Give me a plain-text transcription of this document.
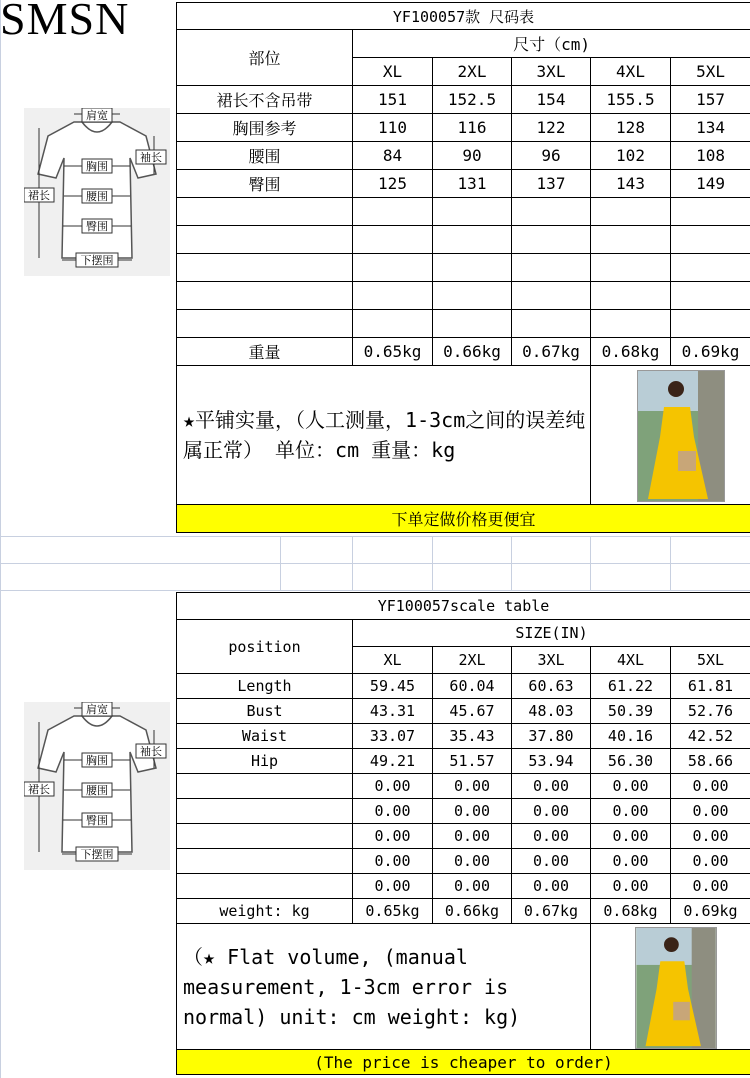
SMSN
肩宽
袖长
裙长
胸围
腰围
臀围
下摆围
肩宽
袖长
裙长
胸围
腰围
臀围
下摆围
YF100057款 尺码表					
部位	尺寸（cm)				
	XL	2XL	3XL	4XL	5XL
裙长不含吊带	151	152.5	154	155.5	157
胸围参考	110	116	122	128	134
腰围	84	90	96	102	108
臀围	125	131	137	143	149

重量	0.65kg	0.66kg	0.67kg	0.68kg	0.69kg
★平铺实量，（人工测量，1-3cm之间的误差纯属正常） 单位：cm 重量：kg	

下单定做价格更便宜					
YF100057scale table					
position	SIZE(IN)				
	XL	2XL	3XL	4XL	5XL
Length	59.45	60.04	60.63	61.22	61.81
Bust	43.31	45.67	48.03	50.39	52.76
Waist	33.07	35.43	37.80	40.16	42.52
Hip	49.21	51.57	53.94	56.30	58.66
	0.00	0.00	0.00	0.00	0.00
	0.00	0.00	0.00	0.00	0.00
	0.00	0.00	0.00	0.00	0.00
	0.00	0.00	0.00	0.00	0.00
	0.00	0.00	0.00	0.00	0.00
weight: kg	0.65kg	0.66kg	0.67kg	0.68kg	0.69kg
（★ Flat volume, (manual measurement, 1-3cm error is normal) unit: cm weight: kg)	

(The price is cheaper to order)					
